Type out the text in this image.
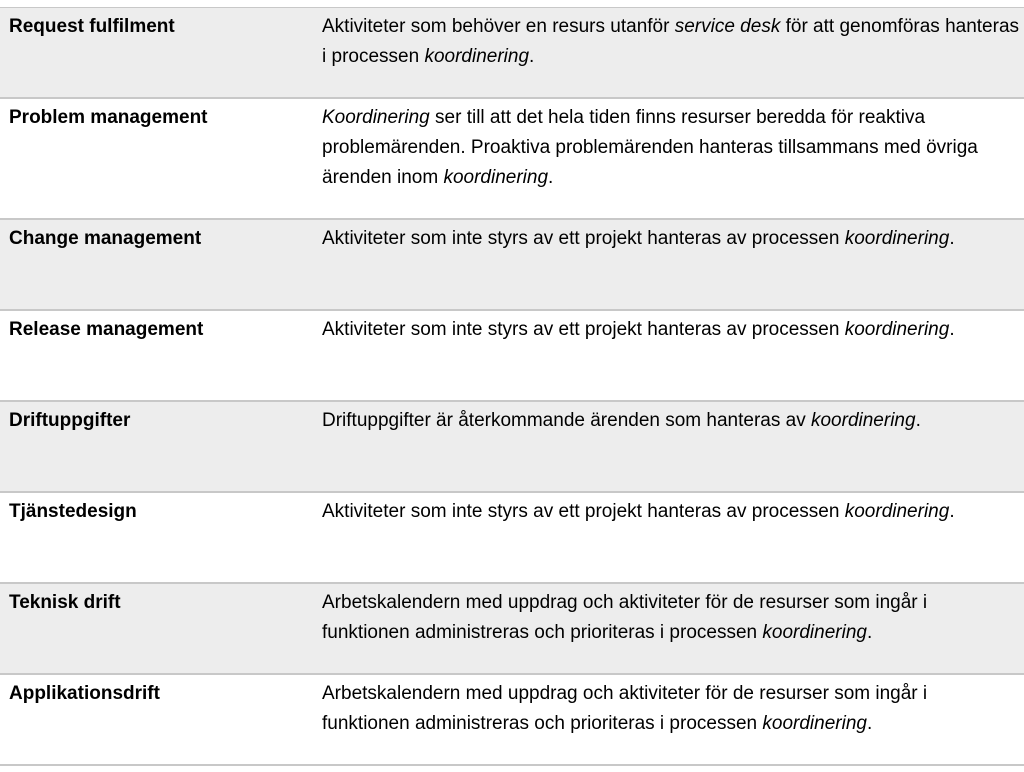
Request fulfilment	Aktiviteter som behöver en resurs utanför service desk för att genomföras hanteras i processen koordinering.
Problem management	Koordinering ser till att det hela tiden finns resurser beredda för reaktiva problemärenden. Proaktiva problemärenden hanteras tillsammans med övriga ärenden inom koordinering.
Change management	Aktiviteter som inte styrs av ett projekt hanteras av processen koordinering.
Release management	Aktiviteter som inte styrs av ett projekt hanteras av processen koordinering.
Driftuppgifter	Driftuppgifter är återkommande ärenden som hanteras av koordinering.
Tjänstedesign	Aktiviteter som inte styrs av ett projekt hanteras av processen koordinering.
Teknisk drift	Arbetskalendern med uppdrag och aktiviteter för de resurser som ingår i funktionen administreras och prioriteras i processen koordinering.
Applikationsdrift	Arbetskalendern med uppdrag och aktiviteter för de resurser som ingår i funktionen administreras och prioriteras i processen koordinering.
